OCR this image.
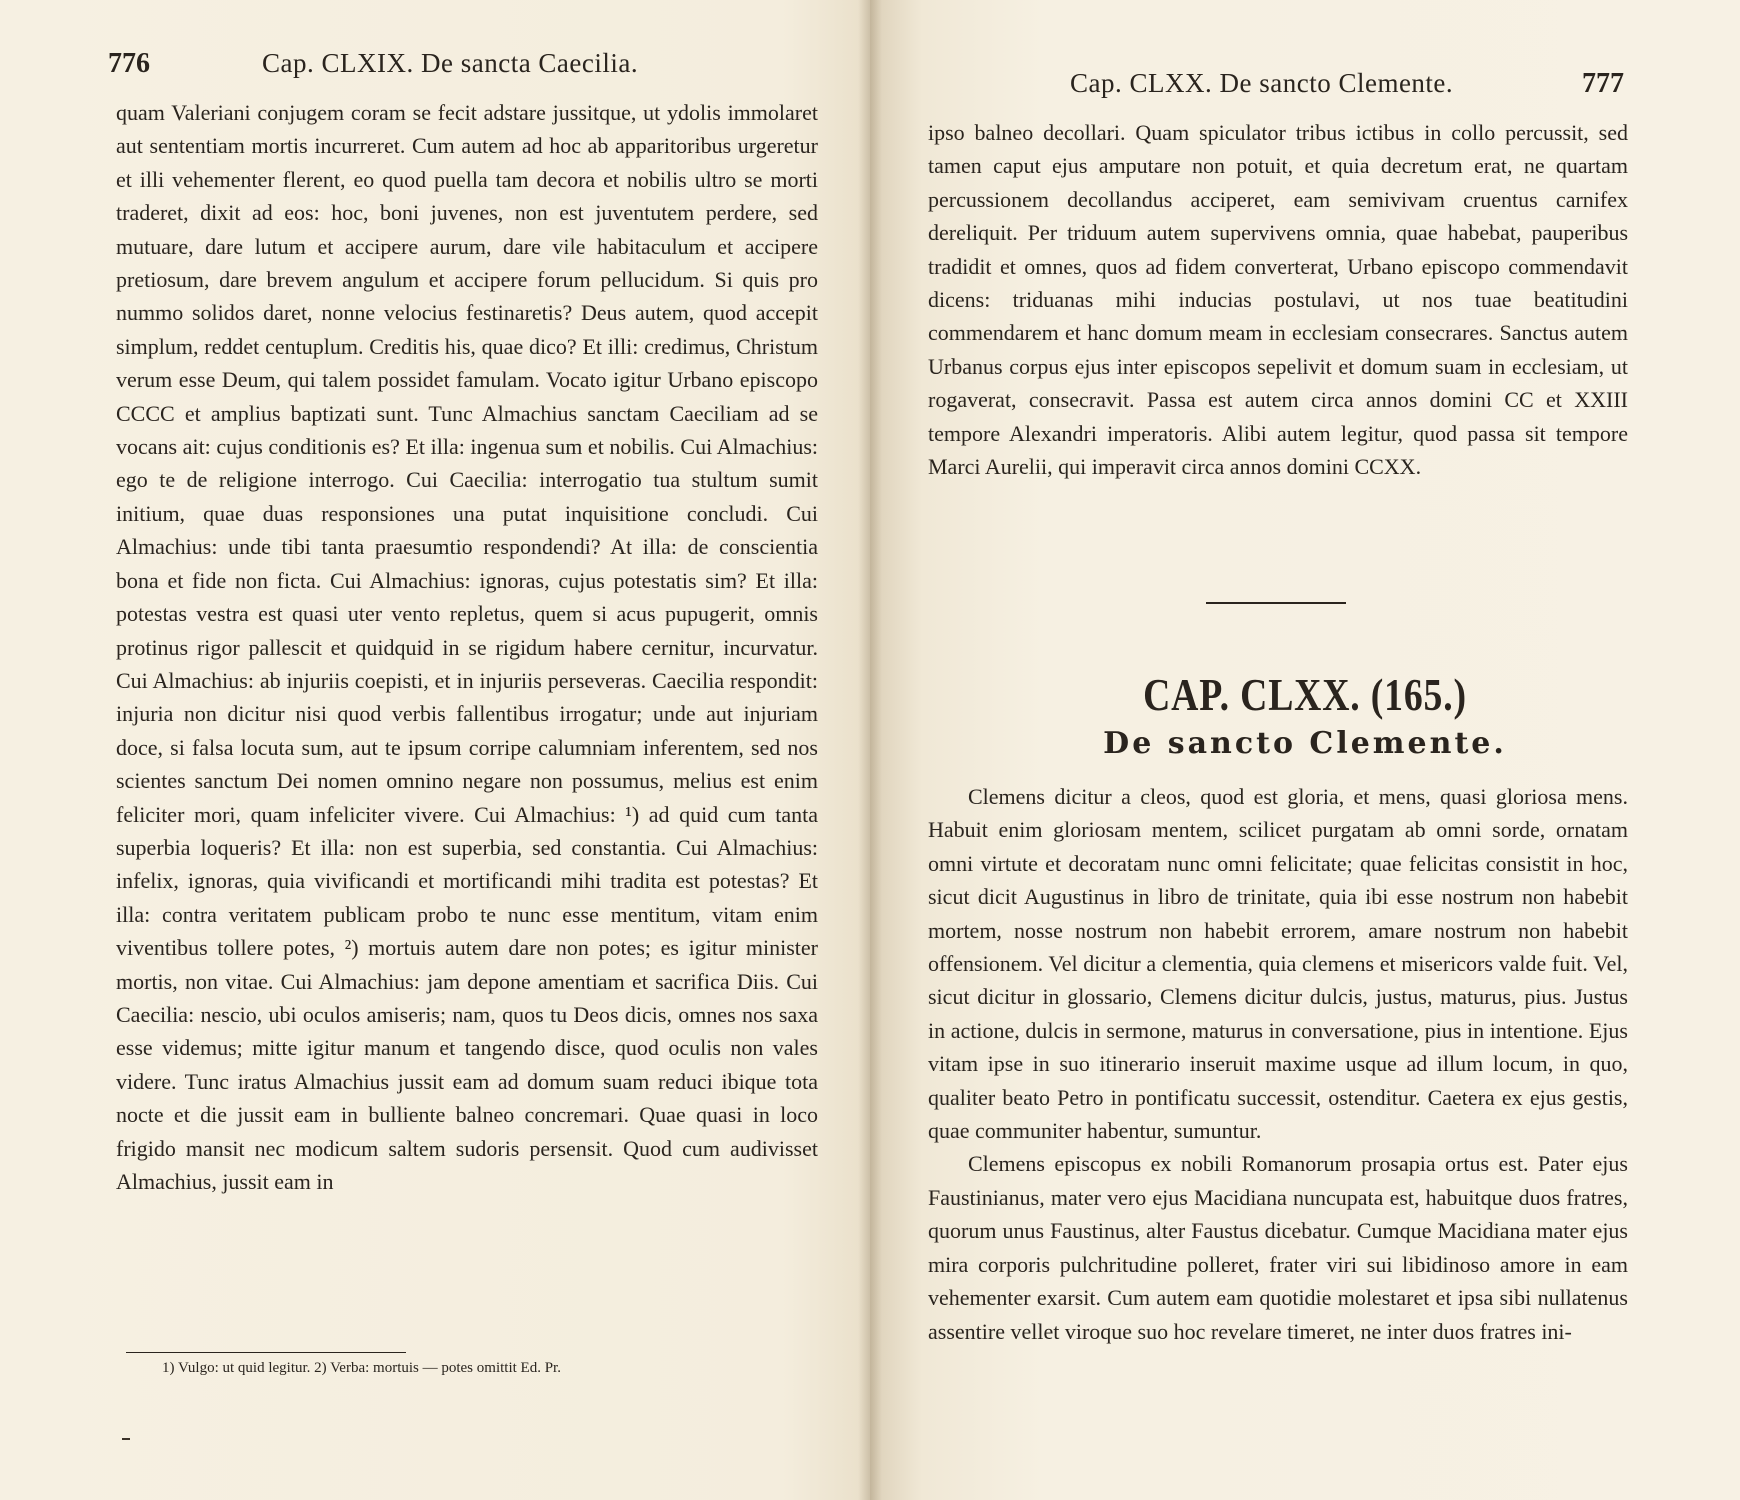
776	Cap. CLXIX. De sancta Caecilia.

quam Valeriani conjugem coram se fecit adstare jussitque, ut ydolis immolaret aut sententiam mortis incurreret. Cum autem ad hoc ab apparitoribus urgeretur et illi vehementer flerent, eo quod puella tam decora et nobilis ultro se morti traderet, dixit ad eos: hoc, boni juvenes, non est juventutem perdere, sed mutuare, dare lutum et accipere aurum, dare vile habitaculum et accipere pretiosum, dare brevem angulum et accipere forum pellucidum. Si quis pro nummo solidos daret, nonne velocius festinaretis? Deus autem, quod accepit simplum, reddet centuplum. Creditis his, quae dico? Et illi: credimus, Christum verum esse Deum, qui talem possidet famulam. Vocato igitur Urbano episcopo CCCC et amplius baptizati sunt. Tunc Almachius sanctam Caeciliam ad se vocans ait: cujus conditionis es? Et illa: ingenua sum et nobilis. Cui Almachius: ego te de religione interrogo. Cui Caecilia: interrogatio tua stultum sumit initium, quae duas responsiones una putat inquisitione concludi. Cui Almachius: unde tibi tanta praesumtio respondendi? At illa: de conscientia bona et fide non ficta. Cui Almachius: ignoras, cujus potestatis sim? Et illa: potestas vestra est quasi uter vento repletus, quem si acus pupugerit, omnis protinus rigor pallescit et quidquid in se rigidum habere cernitur, incurvatur. Cui Almachius: ab injuriis coepisti, et in injuriis perseveras. Caecilia respondit: injuria non dicitur nisi quod verbis fallentibus irrogatur; unde aut injuriam doce, si falsa locuta sum, aut te ipsum corripe calumniam inferentem, sed nos scientes sanctum Dei nomen omnino negare non possumus, melius est enim feliciter mori, quam infeliciter vivere. Cui Almachius: ¹) ad quid cum tanta superbia loqueris? Et illa: non est superbia, sed constantia. Cui Almachius: infelix, ignoras, quia vivificandi et mortificandi mihi tradita est potestas? Et illa: contra veritatem publicam probo te nunc esse mentitum, vitam enim viventibus tollere potes, ²) mortuis autem dare non potes; es igitur minister mortis, non vitae. Cui Almachius: jam depone amentiam et sacrifica Diis. Cui Caecilia: nescio, ubi oculos amiseris; nam, quos tu Deos dicis, omnes nos saxa esse videmus; mitte igitur manum et tangendo disce, quod oculis non vales videre. Tunc iratus Almachius jussit eam ad domum suam reduci ibique tota nocte et die jussit eam in bulliente balneo concremari. Quae quasi in loco frigido mansit nec modicum saltem sudoris persensit. Quod cum audivisset Almachius, jussit eam in

1) Vulgo: ut quid legitur. 2) Verba: mortuis — potes omittit Ed. Pr.
Cap. CLXX. De sancto Clemente.	777

ipso balneo decollari. Quam spiculator tribus ictibus in collo percussit, sed tamen caput ejus amputare non potuit, et quia decretum erat, ne quartam percussionem decollandus acciperet, eam semivivam cruentus carnifex dereliquit. Per triduum autem supervivens omnia, quae habebat, pauperibus tradidit et omnes, quos ad fidem converterat, Urbano episcopo commendavit dicens: triduanas mihi inducias postulavi, ut nos tuae beatitudini commendarem et hanc domum meam in ecclesiam consecrares. Sanctus autem Urbanus corpus ejus inter episcopos sepelivit et domum suam in ecclesiam, ut rogaverat, consecravit. Passa est autem circa annos domini CC et XXIII tempore Alexandri imperatoris. Alibi autem legitur, quod passa sit tempore Marci Aurelii, qui imperavit circa annos domini CCXX.

CAP. CLXX. (165.)
De sancto Clemente.

Clemens dicitur a cleos, quod est gloria, et mens, quasi gloriosa mens. Habuit enim gloriosam mentem, scilicet purgatam ab omni sorde, ornatam omni virtute et decoratam nunc omni felicitate; quae felicitas consistit in hoc, sicut dicit Augustinus in libro de trinitate, quia ibi esse nostrum non habebit mortem, nosse nostrum non habebit errorem, amare nostrum non habebit offensionem. Vel dicitur a clementia, quia clemens et misericors valde fuit. Vel, sicut dicitur in glossario, Clemens dicitur dulcis, justus, maturus, pius. Justus in actione, dulcis in sermone, maturus in conversatione, pius in intentione. Ejus vitam ipse in suo itinerario inseruit maxime usque ad illum locum, in quo, qualiter beato Petro in pontificatu successit, ostenditur. Caetera ex ejus gestis, quae communiter habentur, sumuntur.

Clemens episcopus ex nobili Romanorum prosapia ortus est. Pater ejus Faustinianus, mater vero ejus Macidiana nuncupata est, habuitque duos fratres, quorum unus Faustinus, alter Faustus dicebatur. Cumque Macidiana mater ejus mira corporis pulchritudine polleret, frater viri sui libidinoso amore in eam vehementer exarsit. Cum autem eam quotidie molestaret et ipsa sibi nullatenus assentire vellet viroque suo hoc revelare timeret, ne inter duos fratres ini-
